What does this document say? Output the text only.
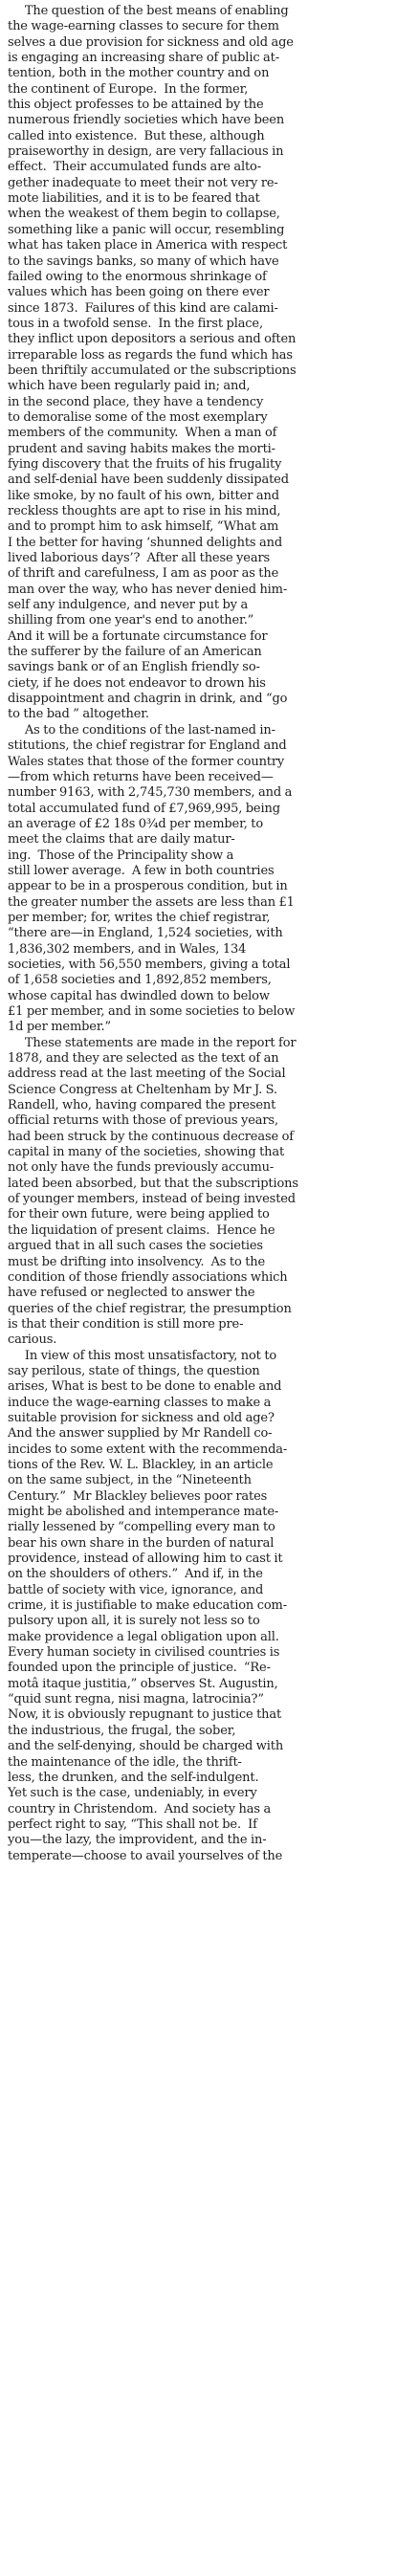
The question of the best means of enabling
the wage-earning classes to secure for them
selves a due provision for sickness and old age
is engaging an increasing share of public at-
tention, both in the mother country and on
the continent of Europe.  In the former,
this object professes to be attained by the
numerous friendly societies which have been
called into existence.  But these, although
praiseworthy in design, are very fallacious in
effect.  Their accumulated funds are alto-
gether inadequate to meet their not very re-
mote liabilities, and it is to be feared that
when the weakest of them begin to collapse,
something like a panic will occur, resembling
what has taken place in America with respect
to the savings banks, so many of which have
failed owing to the enormous shrinkage of
values which has been going on there ever
since 1873.  Failures of this kind are calami-
tous in a twofold sense.  In the first place,
they inflict upon depositors a serious and often
irreparable loss as regards the fund which has
been thriftily accumulated or the subscriptions
which have been regularly paid in; and,
in the second place, they have a tendency
to demoralise some of the most exemplary
members of the community.  When a man of
prudent and saving habits makes the morti-
fying discovery that the fruits of his frugality
and self-denial have been suddenly dissipated
like smoke, by no fault of his own, bitter and
reckless thoughts are apt to rise in his mind,
and to prompt him to ask himself, “What am
I the better for having ‘shunned delights and
lived laborious days’?  After all these years
of thrift and carefulness, I am as poor as the
man over the way, who has never denied him-
self any indulgence, and never put by a
shilling from one year's end to another.”
And it will be a fortunate circumstance for
the sufferer by the failure of an American
savings bank or of an English friendly so-
ciety, if he does not endeavor to drown his
disappointment and chagrin in drink, and “go
to the bad ” altogether.
As to the conditions of the last-named in-
stitutions, the chief registrar for England and
Wales states that those of the former country
—from which returns have been received—
number 9163, with 2,745,730 members, and a
total accumulated fund of £7,969,995, being
an average of £2 18s 0¾d per member, to
meet the claims that are daily matur-
ing.  Those of the Principality show a
still lower average.  A few in both countries
appear to be in a prosperous condition, but in
the greater number the assets are less than £1
per member; for, writes the chief registrar,
“there are—in England, 1,524 societies, with
1,836,302 members, and in Wales, 134
societies, with 56,550 members, giving a total
of 1,658 societies and 1,892,852 members,
whose capital has dwindled down to below
£1 per member, and in some societies to below
1d per member.”
These statements are made in the report for
1878, and they are selected as the text of an
address read at the last meeting of the Social
Science Congress at Cheltenham by Mr J. S.
Randell, who, having compared the present
official returns with those of previous years,
had been struck by the continuous decrease of
capital in many of the societies, showing that
not only have the funds previously accumu-
lated been absorbed, but that the subscriptions
of younger members, instead of being invested
for their own future, were being applied to
the liquidation of present claims.  Hence he
argued that in all such cases the societies
must be drifting into insolvency.  As to the
condition of those friendly associations which
have refused or neglected to answer the
queries of the chief registrar, the presumption
is that their condition is still more pre-
carious.
In view of this most unsatisfactory, not to
say perilous, state of things, the question
arises, What is best to be done to enable and
induce the wage-earning classes to make a
suitable provision for sickness and old age?
And the answer supplied by Mr Randell co-
incides to some extent with the recommenda-
tions of the Rev. W. L. Blackley, in an article
on the same subject, in the “Nineteenth
Century.”  Mr Blackley believes poor rates
might be abolished and intemperance mate-
rially lessened by “compelling every man to
bear his own share in the burden of natural
providence, instead of allowing him to cast it
on the shoulders of others.”  And if, in the
battle of society with vice, ignorance, and
crime, it is justifiable to make education com-
pulsory upon all, it is surely not less so to
make providence a legal obligation upon all.
Every human society in civilised countries is
founded upon the principle of justice.  “Re-
motâ itaque justitia,” observes St. Augustin,
“quid sunt regna, nisi magna, latrocinia?”
Now, it is obviously repugnant to justice that
the industrious, the frugal, the sober,
and the self-denying, should be charged with
the maintenance of the idle, the thrift-
less, the drunken, and the self-indulgent.
Yet such is the case, undeniably, in every
country in Christendom.  And society has a
perfect right to say, “This shall not be.  If
you—the lazy, the improvident, and the in-
temperate—choose to avail yourselves of the
